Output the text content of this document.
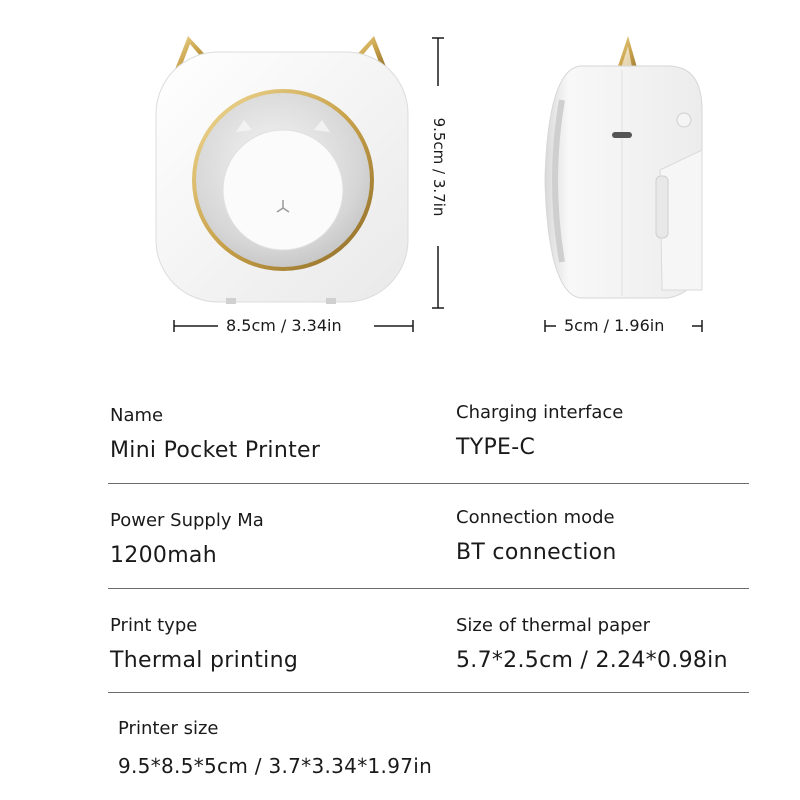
9.5cm / 3.7in
8.5cm / 3.34in	5cm / 1.96in
Name
Mini Pocket Printer
Charging interface
TYPE-C
Power Supply Ma
1200mah
Connection mode
BT connection
Print type
Thermal printing
Size of thermal paper
5.7*2.5cm / 2.24*0.98in
Printer size
9.5*8.5*5cm / 3.7*3.34*1.97in
